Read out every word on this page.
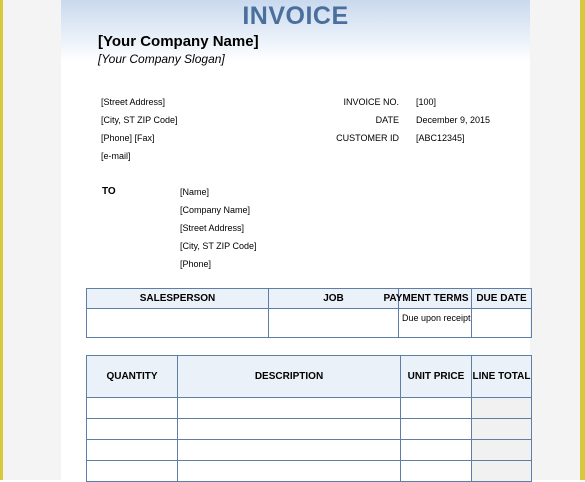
INVOICE
[Your Company Name]
[Your Company Slogan]
[Street Address]
[City, ST ZIP Code]
[Phone] [Fax]
[e-mail]
INVOICE NO. [100]
DATE December 9, 2015
CUSTOMER ID [ABC12345]
TO	[Name]
[Company Name]
[Street Address]
[City, ST ZIP Code]
[Phone]
SALESPERSON	JOB	PAYMENT TERMS	DUE DATE
		Due upon receipt	
QUANTITY	DESCRIPTION	UNIT PRICE	LINE TOTAL
